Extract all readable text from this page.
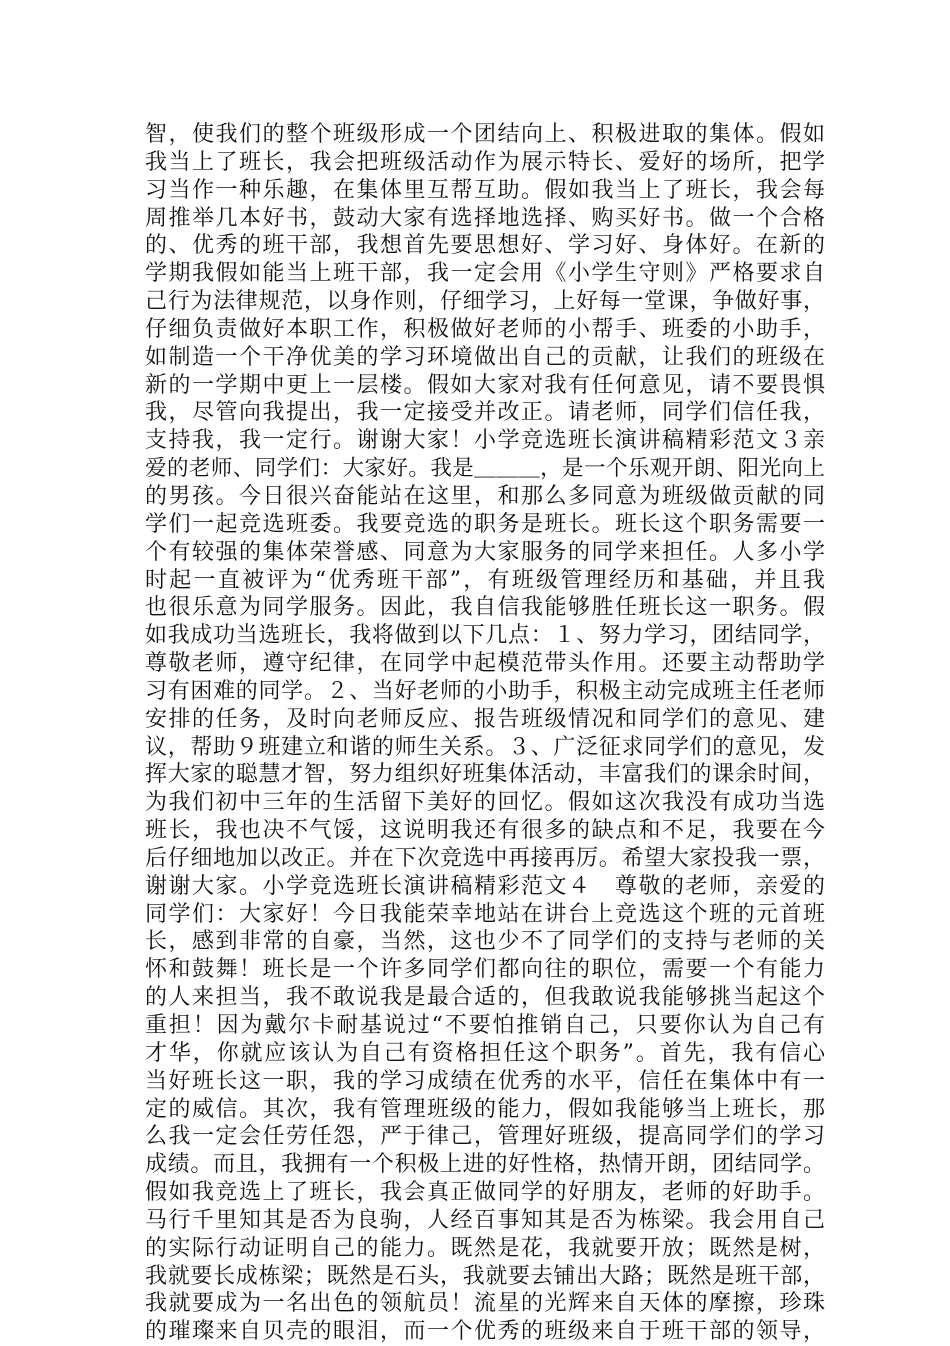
智，使我们的整个班级形成一个团结向上、积极进取的集体。假如
我当上了班长，我会把班级活动作为展示特长、爱好的场所，把学
习当作一种乐趣，在集体里互帮互助。假如我当上了班长，我会每
周推举几本好书，鼓动大家有选择地选择、购买好书。做一个合格
的、优秀的班干部，我想首先要思想好、学习好、身体好。在新的
学期我假如能当上班干部，我一定会用《小学生守则》严格要求自
己行为法律规范，以身作则，仔细学习，上好每一堂课，争做好事，
仔细负责做好本职工作，积极做好老师的小帮手、班委的小助手，
如制造一个干净优美的学习环境做出自己的贡献，让我们的班级在
新的一学期中更上一层楼。假如大家对我有任何意见，请不要畏惧
我，尽管向我提出，我一定接受并改正。请老师，同学们信任我，
支持我，我一定行。谢谢大家！小学竞选班长演讲稿精彩范文３亲
爱的老师、同学们：大家好。我是＿＿＿，是一个乐观开朗、阳光向上
的男孩。今日很兴奋能站在这里，和那么多同意为班级做贡献的同
学们一起竞选班委。我要竞选的职务是班长。班长这个职务需要一
个有较强的集体荣誉感、同意为大家服务的同学来担任。人多小学
时起一直被评为“优秀班干部”，有班级管理经历和基础，并且我
也很乐意为同学服务。因此，我自信我能够胜任班长这一职务。假
如我成功当选班长，我将做到以下几点：１、努力学习，团结同学，
尊敬老师，遵守纪律，在同学中起模范带头作用。还要主动帮助学
习有困难的同学。２、当好老师的小助手，积极主动完成班主任老师
安排的任务，及时向老师反应、报告班级情况和同学们的意见、建
议，帮助９班建立和谐的师生关系。３、广泛征求同学们的意见，发
挥大家的聪慧才智，努力组织好班集体活动，丰富我们的课余时间，
为我们初中三年的生活留下美好的回忆。假如这次我没有成功当选
班长，我也决不气馁，这说明我还有很多的缺点和不足，我要在今
后仔细地加以改正。并在下次竞选中再接再厉。希望大家投我一票，
谢谢大家。小学竞选班长演讲稿精彩范文４　尊敬的老师，亲爱的
同学们：大家好！今日我能荣幸地站在讲台上竞选这个班的元首班
长，感到非常的自豪，当然，这也少不了同学们的支持与老师的关
怀和鼓舞！班长是一个许多同学们都向往的职位，需要一个有能力
的人来担当，我不敢说我是最合适的，但我敢说我能够挑当起这个
重担！因为戴尔卡耐基说过“不要怕推销自己，只要你认为自己有
才华，你就应该认为自己有资格担任这个职务”。首先，我有信心
当好班长这一职，我的学习成绩在优秀的水平，信任在集体中有一
定的威信。其次，我有管理班级的能力，假如我能够当上班长，那
么我一定会任劳任怨，严于律己，管理好班级，提高同学们的学习
成绩。而且，我拥有一个积极上进的好性格，热情开朗，团结同学。
假如我竞选上了班长，我会真正做同学的好朋友，老师的好助手。
马行千里知其是否为良驹，人经百事知其是否为栋梁。我会用自己
的实际行动证明自己的能力。既然是花，我就要开放；既然是树，
我就要长成栋梁；既然是石头，我就要去铺出大路；既然是班干部，
我就要成为一名出色的领航员！流星的光辉来自天体的摩擦，珍珠
的璀璨来自贝壳的眼泪，而一个优秀的班级来自于班干部的领导，
